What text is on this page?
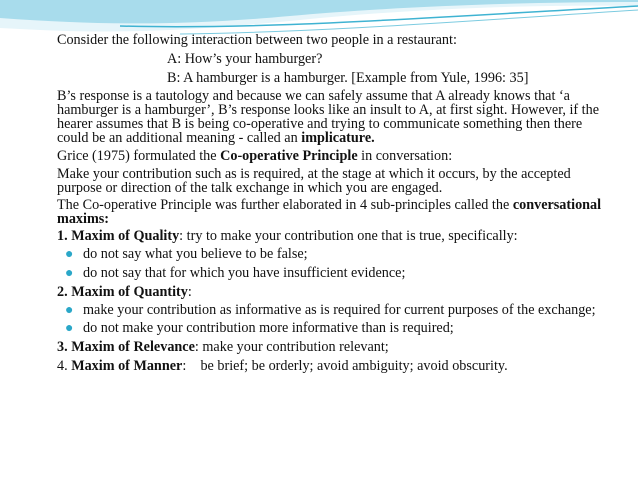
Consider the following interaction between two people in a restaurant:
A: How’s your hamburger?
B: A hamburger is a hamburger. [Example from Yule, 1996: 35]
B’s response is a tautology and because we can safely assume that A already knows that ‘a hamburger is a hamburger’, B’s response looks like an insult to A, at first sight. However, if the hearer assumes that B is being co-operative and trying to communicate something then there could be an additional meaning - called an implicature.
Grice (1975) formulated the Co-operative Principle in conversation:
Make your contribution such as is required, at the stage at which it occurs, by the accepted purpose or direction of the talk exchange in which you are engaged.
The Co-operative Principle was further elaborated in 4 sub-principles called the conversational maxims:
1. Maxim of Quality: try to make your contribution one that is true, specifically:
● do not say what you believe to be false;
● do not say that for which you have insufficient evidence;
2. Maxim of Quantity:
● make your contribution as informative as is required for current purposes of the exchange;
● do not make your contribution more informative than is required;
3. Maxim of Relevance: make your contribution relevant;
4. Maxim of Manner:    be brief; be orderly; avoid ambiguity; avoid obscurity.
